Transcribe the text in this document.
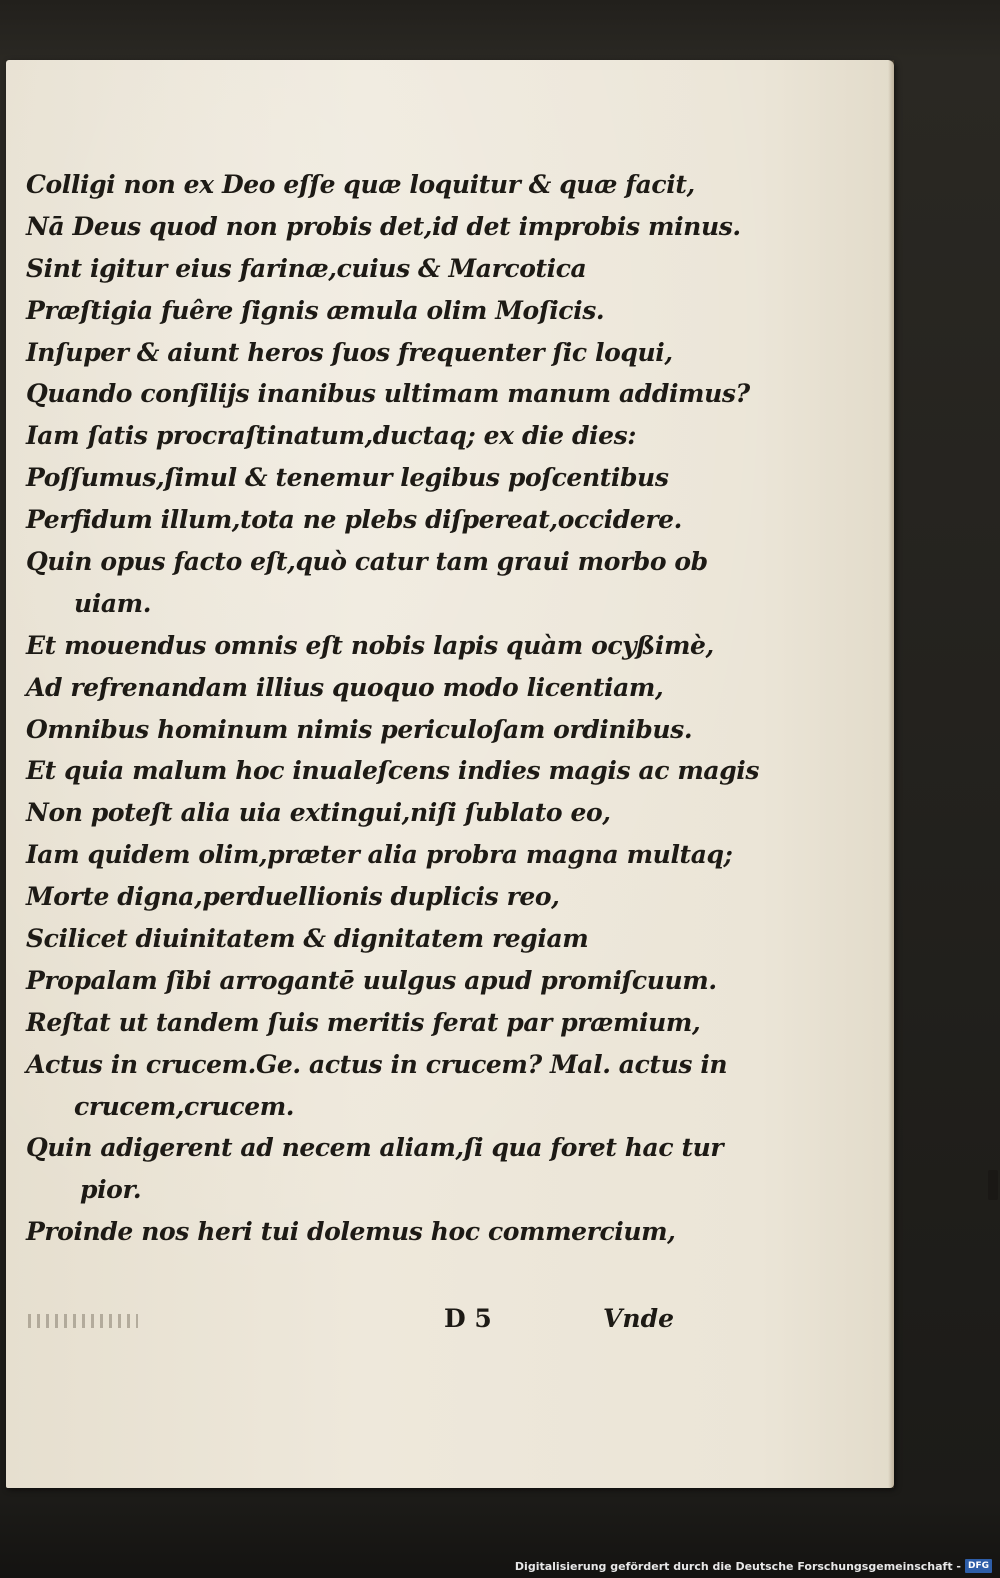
Colligi non ex Deo eſſe quæ loquitur & quæ facit,
Nā Deus quod non probis det,id det improbis minus.
Sint igitur eius farinæ,cuius & Marcotica
Præſtigia fuêre ſignis æmula olim Moſicis.
Inſuper & aiunt heros ſuos frequenter ſic loqui,
Quando conſilijs inanibus ultimam manum addimus?
Iam ſatis procraſtinatum,ductaq; ex die dies:
Poſſumus,ſimul & tenemur legibus poſcentibus
Perfidum illum,tota ne plebs diſpereat,occidere.
Quin opus facto eſt,quò catur tam graui morbo ob
uiam.
Et mouendus omnis eſt nobis lapis quàm ocyßimè,
Ad refrenandam illius quoquo modo licentiam,
Omnibus hominum nimis periculoſam ordinibus.
Et quia malum hoc inualeſcens indies magis ac magis
Non poteſt alia uia extingui,niſi ſublato eo,
Iam quidem olim,præter alia probra magna multaq;
Morte digna,perduellionis duplicis reo,
Scilicet diuinitatem & dignitatem regiam
Propalam ſibi arrogantē uulgus apud promiſcuum.
Reſtat ut tandem ſuis meritis ferat par præmium,
Actus in crucem.Ge. actus in crucem? Mal. actus in
crucem,crucem.
Quin adigerent ad necem aliam,ſi qua foret hac tur
pior.
Proinde nos heri tui dolemus hoc commercium,
D 5	Vnde
Digitalisierung gefördert durch die Deutsche Forschungsgemeinschaft - DFG
